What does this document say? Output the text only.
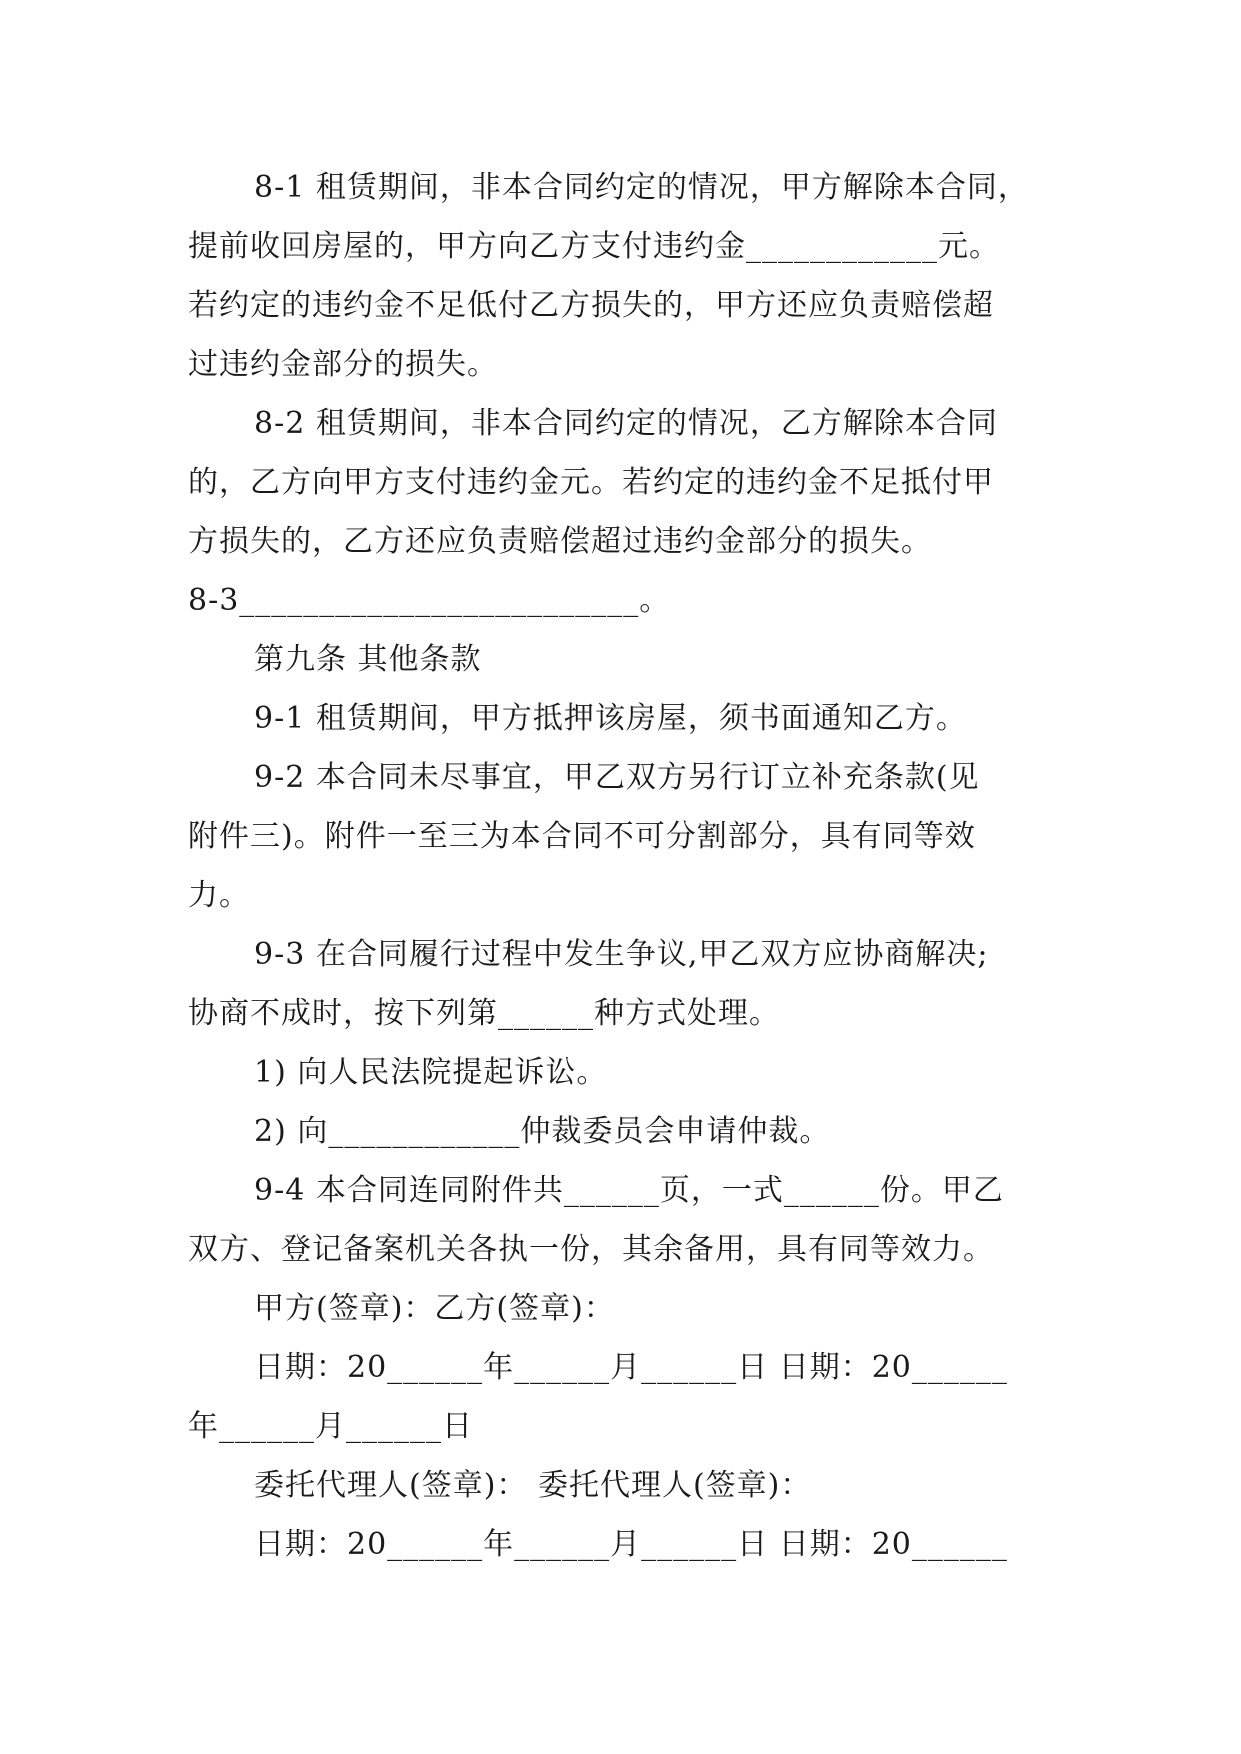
8-1 租赁期间，非本合同约定的情况，甲方解除本合同，
提前收回房屋的，甲方向乙方支付违约金____________元。
若约定的违约金不足低付乙方损失的，甲方还应负责赔偿超
过违约金部分的损失。
8-2 租赁期间，非本合同约定的情况，乙方解除本合同
的，乙方向甲方支付违约金元。若约定的违约金不足抵付甲
方损失的，乙方还应负责赔偿超过违约金部分的损失。
8-3_________________________。
第九条 其他条款
9-1 租赁期间，甲方抵押该房屋，须书面通知乙方。
9-2 本合同未尽事宜，甲乙双方另行订立补充条款(见
附件三)。附件一至三为本合同不可分割部分，具有同等效
力。
9-3 在合同履行过程中发生争议,甲乙双方应协商解决;
协商不成时，按下列第______种方式处理。
1) 向人民法院提起诉讼。
2) 向____________仲裁委员会申请仲裁。
9-4 本合同连同附件共______页，一式______份。甲乙
双方、登记备案机关各执一份，其余备用，具有同等效力。
甲方(签章)：乙方(签章)：
日期：20______年______月______日 日期：20______
年______月______日
委托代理人(签章)： 委托代理人(签章)：
日期：20______年______月______日 日期：20______
